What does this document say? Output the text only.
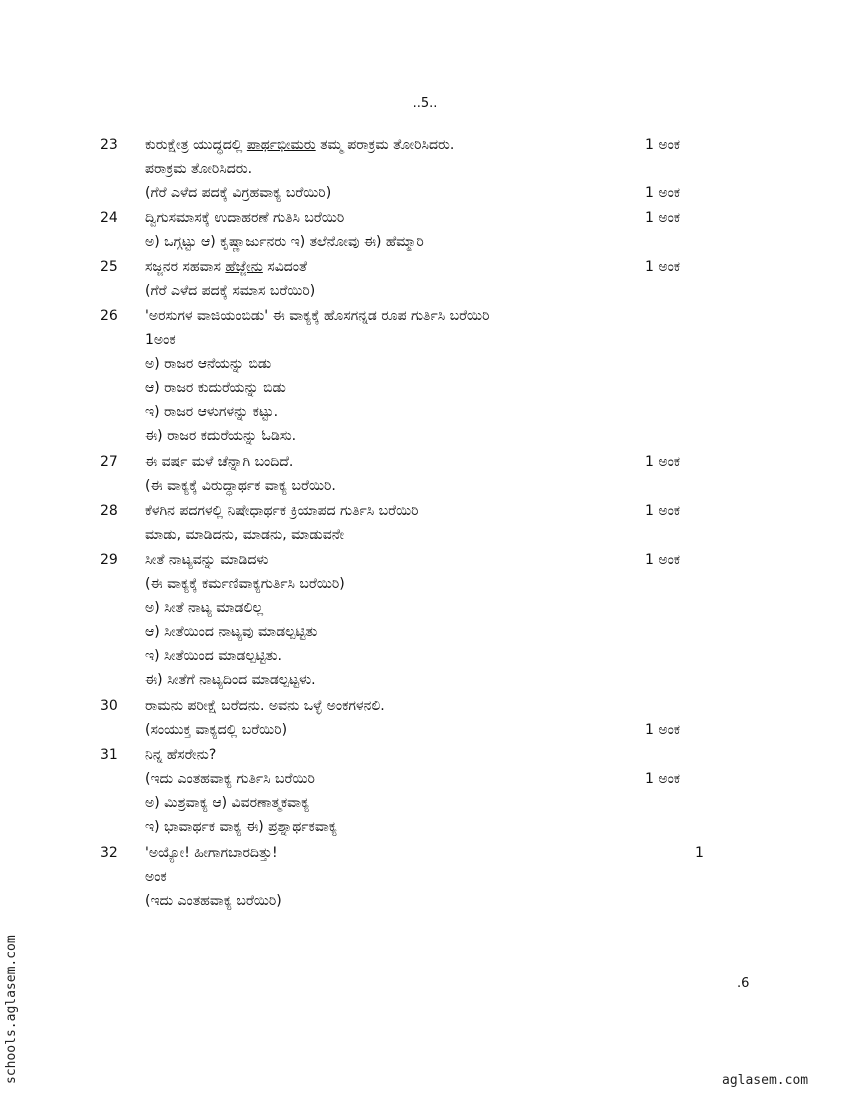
..5..
23	ಕುರುಕ್ಷೇತ್ರ ಯುದ್ಧದಲ್ಲಿ ಪಾರ್ಥಭೀಮರು ತಮ್ಮ ಪರಾಕ್ರಮ ತೋರಿಸಿದರು.	1 ಅಂಕ
ಪರಾಕ್ರಮ ತೋರಿಸಿದರು.
(ಗೆರೆ ಎಳೆದ ಪದಕ್ಕೆ ವಿಗ್ರಹವಾಕ್ಯ ಬರೆಯಿರಿ)	1 ಅಂಕ
24	ದ್ವಿಗುಸಮಾಸಕ್ಕೆ ಉದಾಹರಣೆ ಗುತಿಸಿ ಬರೆಯಿರಿ	1 ಅಂಕ
ಅ) ಒಗ್ಗಟ್ಟು ಆ) ಕೃಷ್ಣಾರ್ಜುನರು ಇ) ತಲೆನೋವು ಈ) ಹೆಮ್ಮಾರಿ
25	ಸಜ್ಜನರ ಸಹವಾಸ ಹೆಜ್ಜೇನು ಸವಿದಂತೆ	1 ಅಂಕ
(ಗೆರೆ ಎಳೆದ ಪದಕ್ಕೆ ಸಮಾಸ ಬರೆಯಿರಿ)
26	'ಅರಸುಗಳ ವಾಜಿಯಂಬಿಡು' ಈ ವಾಕ್ಯಕ್ಕೆ ಹೊಸಗನ್ನಡ ರೂಪ ಗುರ್ತಿಸಿ ಬರೆಯಿರಿ
1ಅಂಕ
ಅ) ರಾಜರ ಆನೆಯನ್ನು ಬಿಡು
ಆ) ರಾಜರ ಕುದುರೆಯನ್ನು ಬಿಡು
ಇ) ರಾಜರ ಆಳುಗಳನ್ನು ಕಟ್ಟು.
ಈ) ರಾಜರ ಕದುರೆಯನ್ನು ಓಡಿಸು.
27	ಈ ವರ್ಷ ಮಳೆ ಚೆನ್ನಾಗಿ ಬಂದಿದೆ.	1 ಅಂಕ
(ಈ ವಾಕ್ಯಕ್ಕೆ ವಿರುದ್ಧಾರ್ಥಕ ವಾಕ್ಯ ಬರೆಯಿರಿ.
28	ಕೆಳಗಿನ ಪದಗಳಲ್ಲಿ ನಿಷೇಧಾರ್ಥಕ ಕ್ರಿಯಾಪದ ಗುರ್ತಿಸಿ ಬರೆಯಿರಿ	1 ಅಂಕ
ಮಾಡು, ಮಾಡಿದನು, ಮಾಡನು, ಮಾಡುವನೇ
29	ಸೀತೆ ನಾಟ್ಯವನ್ನು ಮಾಡಿದಳು	1 ಅಂಕ
(ಈ ವಾಕ್ಯಕ್ಕೆ ಕರ್ಮಣಿವಾಕ್ಯಗುರ್ತಿಸಿ ಬರೆಯಿರಿ)
ಅ) ಸೀತೆ ನಾಟ್ಯ ಮಾಡಲಿಲ್ಲ
ಆ) ಸೀತೆಯಿಂದ ನಾಟ್ಯವು ಮಾಡಲ್ಪಟ್ಟಿತು
ಇ) ಸೀತೆಯಿಂದ ಮಾಡಲ್ಪಟ್ಟಿತು.
ಈ) ಸೀತೆಗೆ ನಾಟ್ಯದಿಂದ ಮಾಡಲ್ಪಟ್ಟಳು.
30	ರಾಮನು ಪರೀಕ್ಷೆ ಬರೆದನು. ಅವನು ಒಳ್ಳೆ ಅಂಕಗಳನಲಿ.
(ಸಂಯುಕ್ತ ವಾಕ್ಯದಲ್ಲಿ ಬರೆಯಿರಿ)	1 ಅಂಕ
31	ನಿನ್ನ ಹೆಸರೇನು?
(ಇದು ಎಂತಹವಾಕ್ಯ ಗುರ್ತಿಸಿ ಬರೆಯಿರಿ	1 ಅಂಕ
ಅ) ಮಿಶ್ರವಾಕ್ಯ ಆ) ವಿವರಣಾತ್ಮಕವಾಕ್ಯ
ಇ) ಭಾವಾರ್ಥಕ ವಾಕ್ಯ ಈ) ಪ್ರಶ್ನಾರ್ಥಕವಾಕ್ಯ
32	'ಅಯ್ಯೋ! ಹೀಗಾಗಬಾರದಿತ್ತು!	1
ಅಂಕ
(ಇದು ಎಂತಹವಾಕ್ಯ ಬರೆಯಿರಿ)
.6
schools.aglasem.com	aglasem.com
